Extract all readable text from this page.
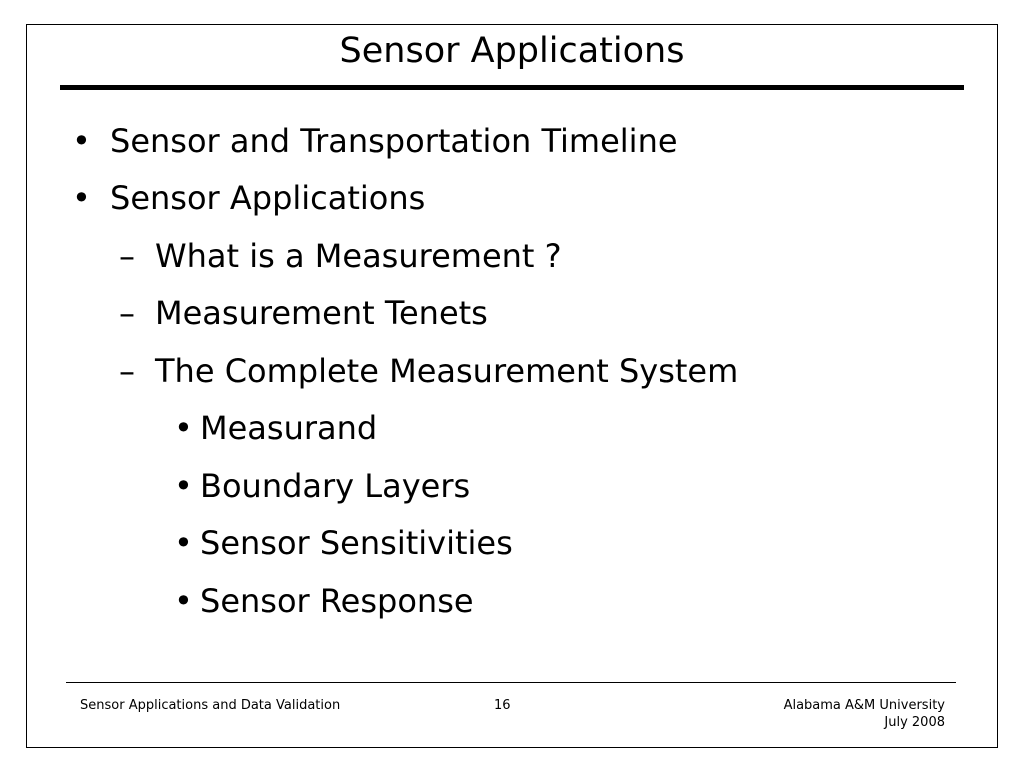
Sensor Applications
• Sensor and Transportation Timeline
• Sensor Applications
– What is a Measurement ?
– Measurement Tenets
– The Complete Measurement System
• Measurand
• Boundary Layers
• Sensor Sensitivities
• Sensor Response
Sensor Applications and Data Validation	16	Alabama A&M University
July 2008
